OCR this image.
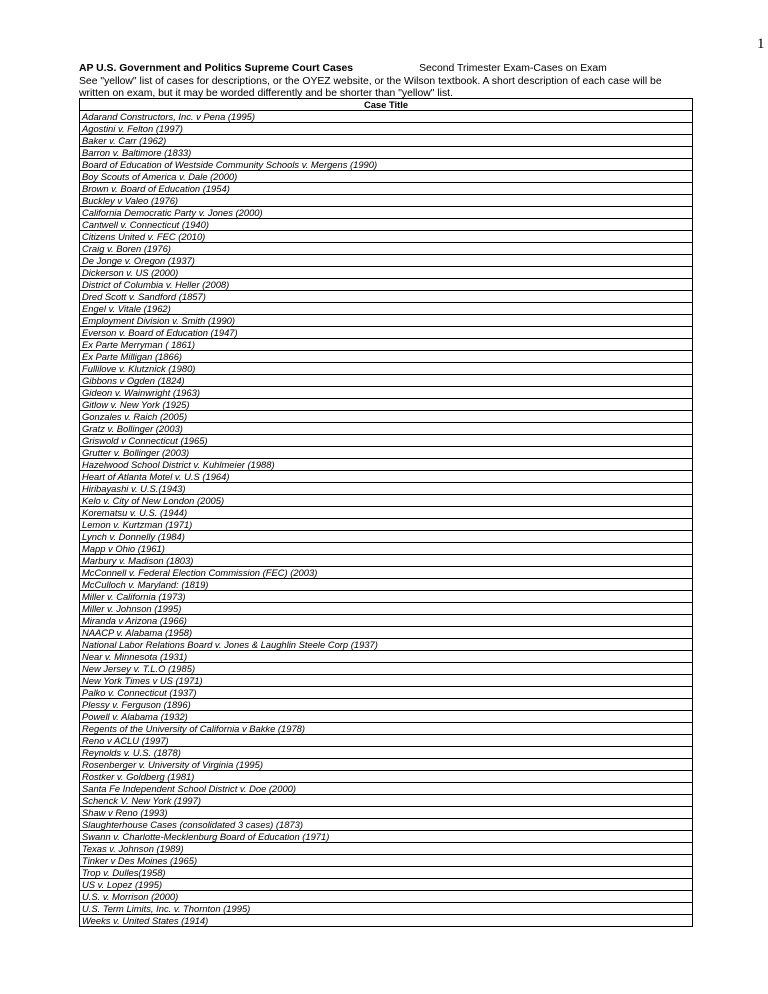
1
AP U.S. Government and Politics Supreme Court Cases	Second Trimester Exam-Cases on Exam
See "yellow" list of cases for descriptions, or the OYEZ website, or the Wilson textbook. A short description of each case will be written on exam, but it may be worded differently and be shorter than "yellow" list.
Case Title
Adarand Constructors, Inc. v Pena (1995)
Agostini v. Felton (1997)
Baker v. Carr (1962)
Barron v. Baltimore (1833)
Board of Education of Westside Community Schools v. Mergens (1990)
Boy Scouts of America v. Dale (2000)
Brown v. Board of Education (1954)
Buckley v Valeo (1976)
California Democratic Party v. Jones (2000)
Cantwell v. Connecticut (1940)
Citizens United v. FEC (2010)
Craig v. Boren (1976)
De Jonge v. Oregon (1937)
Dickerson v. US (2000)
District of Columbia v. Heller (2008)
Dred Scott v. Sandford (1857)
Engel v. Vitale (1962)
Employment Division v. Smith (1990)
Everson v. Board of Education (1947)
Ex Parte Merryman ( 1861)
Ex Parte Milligan (1866)
Fullilove v. Klutznick (1980)
Gibbons v Ogden (1824)
Gideon v. Wainwright (1963)
Gitlow v. New York (1925)
Gonzales v. Raich (2005)
Gratz v. Bollinger (2003)
Griswold v Connecticut (1965)
Grutter v. Bollinger (2003)
Hazelwood School District v. Kuhlmeier (1988)
Heart of Atlanta Motel v. U.S (1964)
Hiribayashi v. U.S.(1943)
Kelo v. City of New London (2005)
Korematsu v. U.S. (1944)
Lemon v. Kurtzman (1971)
Lynch v. Donnelly (1984)
Mapp v Ohio (1961)
Marbury v. Madison (1803)
McConnell v. Federal Election Commission (FEC) (2003)
McCulloch v. Maryland: (1819)
Miller v. California (1973)
Miller v. Johnson (1995)
Miranda v Arizona (1966)
NAACP v. Alabama (1958)
National Labor Relations Board v. Jones & Laughlin Steele Corp (1937)
Near v. Minnesota (1931)
New Jersey v. T.L.O (1985)
New York Times v US (1971)
Palko v. Connecticut (1937)
Plessy v. Ferguson (1896)
Powell v. Alabama (1932)
Regents of the University of California v Bakke (1978)
Reno v ACLU (1997)
Reynolds v. U.S. (1878)
Rosenberger v. University of Virginia (1995)
Rostker v. Goldberg (1981)
Santa Fe Independent School District v. Doe (2000)
Schenck V. New York (1997)
Shaw v Reno (1993)
Slaughterhouse Cases (consolidated 3 cases) (1873)
Swann v. Charlotte-Mecklenburg Board of Education (1971)
Texas v. Johnson (1989)
Tinker v Des Moines (1965)
Trop v. Dulles(1958)
US v. Lopez (1995)
U.S. v. Morrison (2000)
U.S. Term Limits, Inc. v. Thornton (1995)
Weeks v. United States (1914)
